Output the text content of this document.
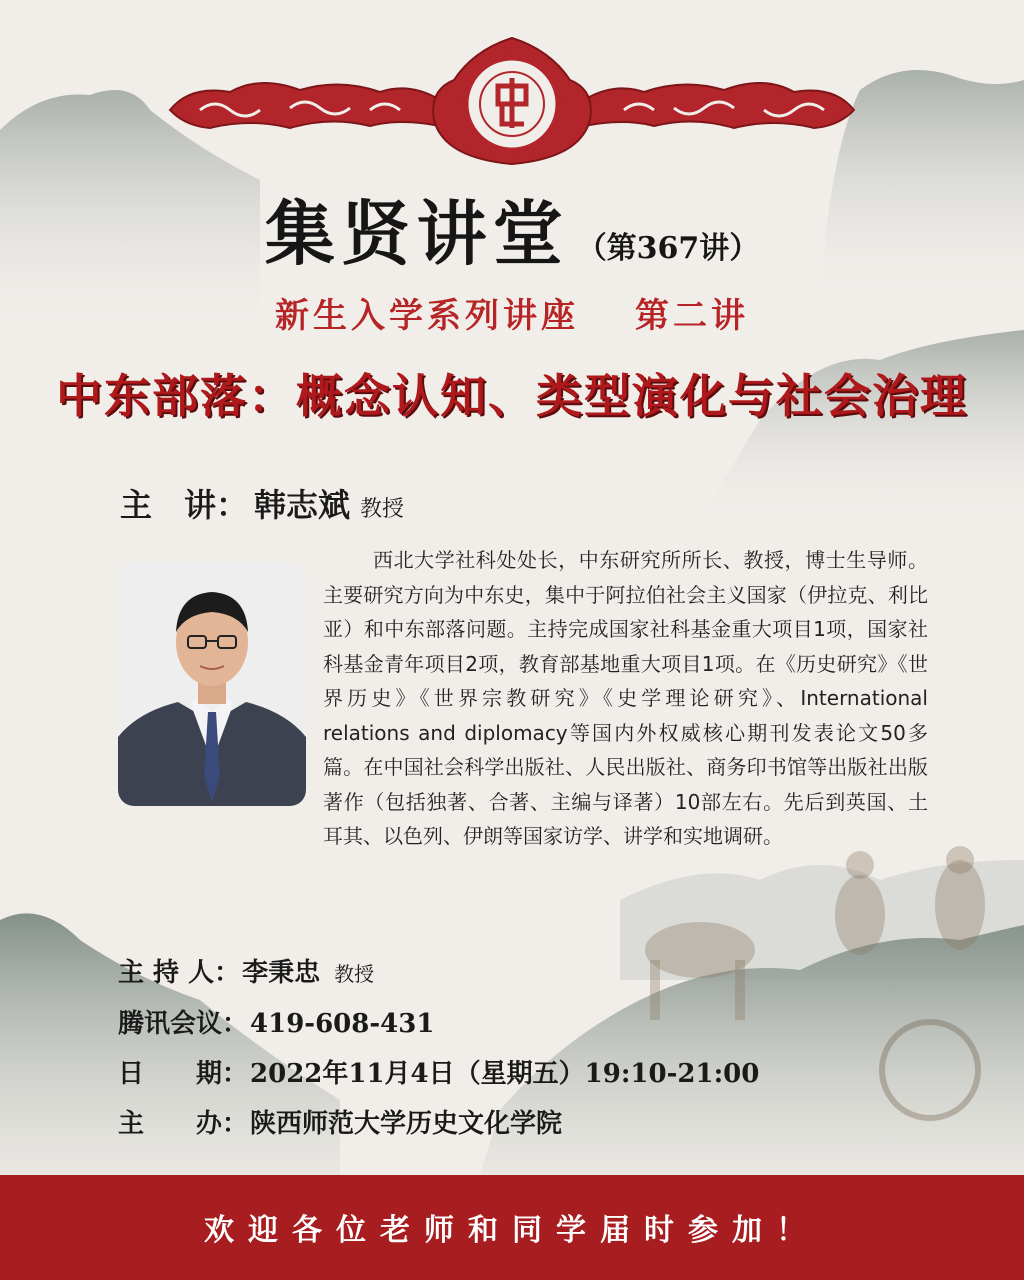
集贤讲堂 （第367讲）
新生入学系列讲座 第二讲
中东部落：概念认知、类型演化与社会治理
主　讲： 韩志斌 教授

西北大学社科处处长，中东研究所所长、教授，博士生导师。主要研究方向为中东史，集中于阿拉伯社会主义国家（伊拉克、利比亚）和中东部落问题。主持完成国家社科基金重大项目1项，国家社科基金青年项目2项，教育部基地重大项目1项。在《历史研究》《世界历史》《世界宗教研究》《史学理论研究》、International relations and diplomacy等国内外权威核心期刊发表论文50多篇。在中国社会科学出版社、人民出版社、商务印书馆等出版社出版著作（包括独著、合著、主编与译著）10部左右。先后到英国、土耳其、以色列、伊朗等国家访学、讲学和实地调研。

主 持 人：李秉忠 教授
腾讯会议：419-608-431
日　　期：2022年11月4日（星期五）19:10-21:00
主　　办：陕西师范大学历史文化学院
欢迎各位老师和同学届时参加！
